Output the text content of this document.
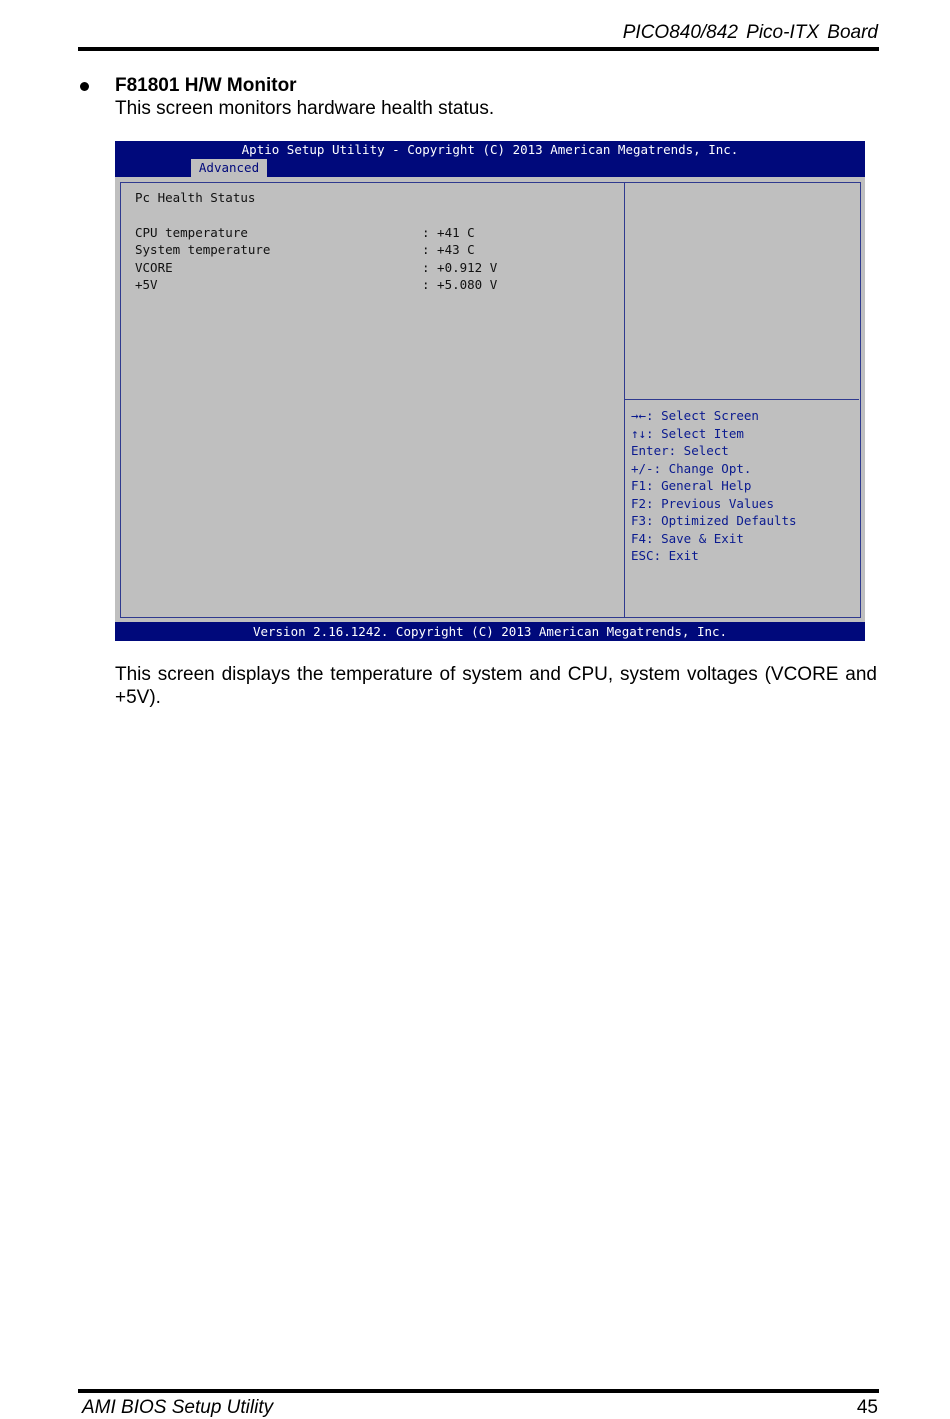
PICO840/842 Pico-ITX Board
F81801 H/W Monitor
This screen monitors hardware health status.
Aptio Setup Utility - Copyright (C) 2013 American Megatrends, Inc.
Advanced
Pc Health Status
CPU temperature	: +41 C
System temperature	: +43 C
VCORE	: +0.912 V
+5V	: +5.080 V
→←: Select Screen
↑↓: Select Item
Enter: Select
+/-: Change Opt.
F1: General Help
F2: Previous Values
F3: Optimized Defaults
F4: Save & Exit
ESC: Exit
Version 2.16.1242. Copyright (C) 2013 American Megatrends, Inc.
This screen displays the temperature of system and CPU, system voltages (VCORE and +5V).
AMI BIOS Setup Utility	45
